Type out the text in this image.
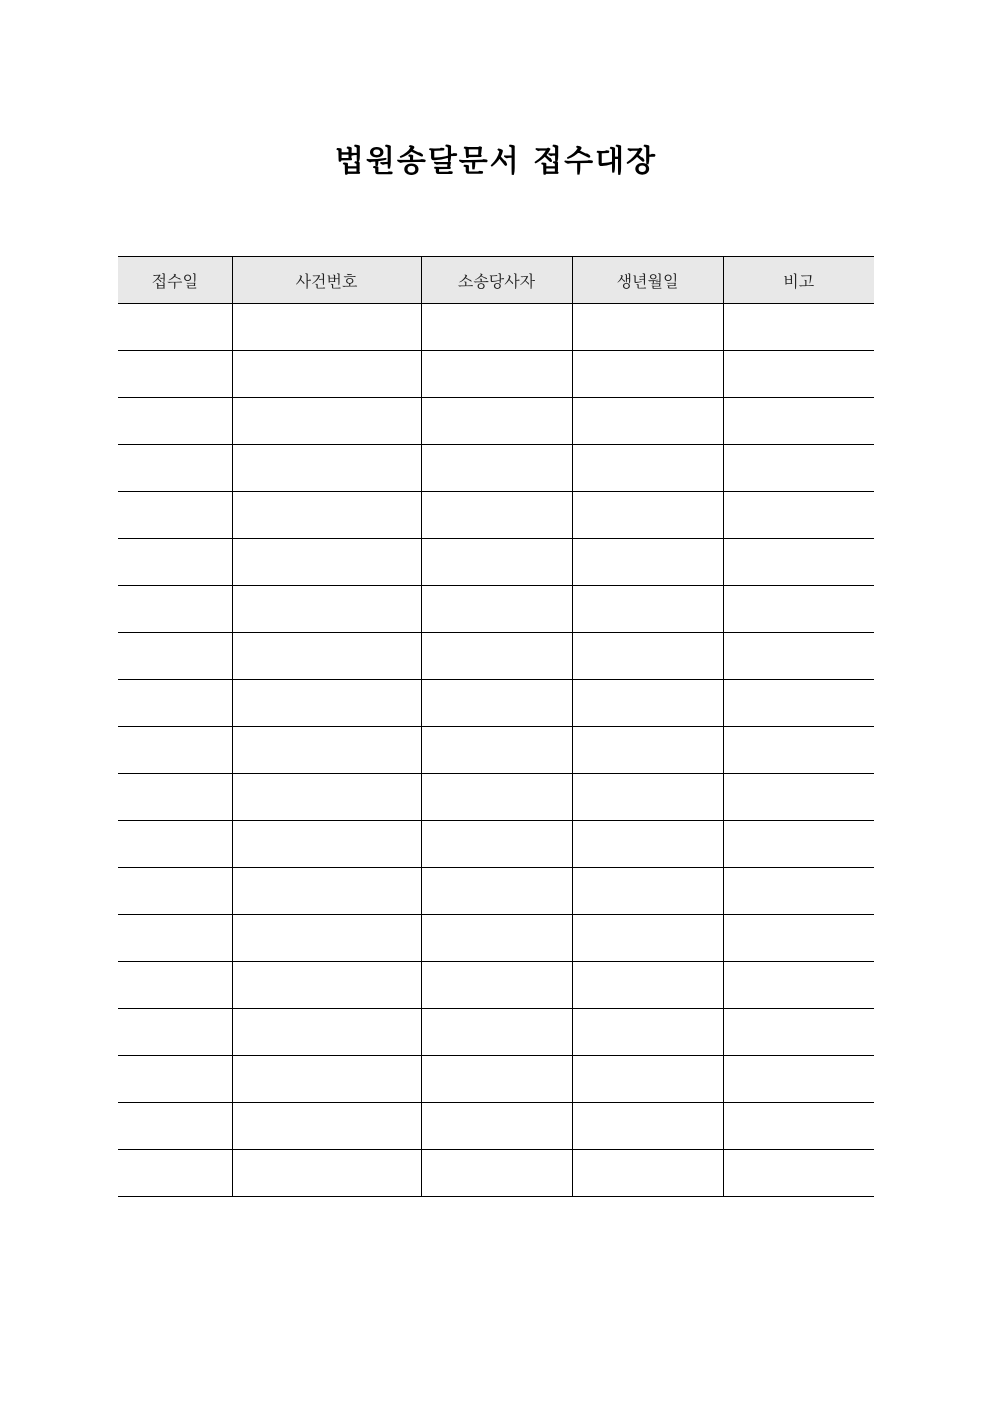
법원송달문서 접수대장
접수일	사건번호	소송당사자	생년월일	비고
